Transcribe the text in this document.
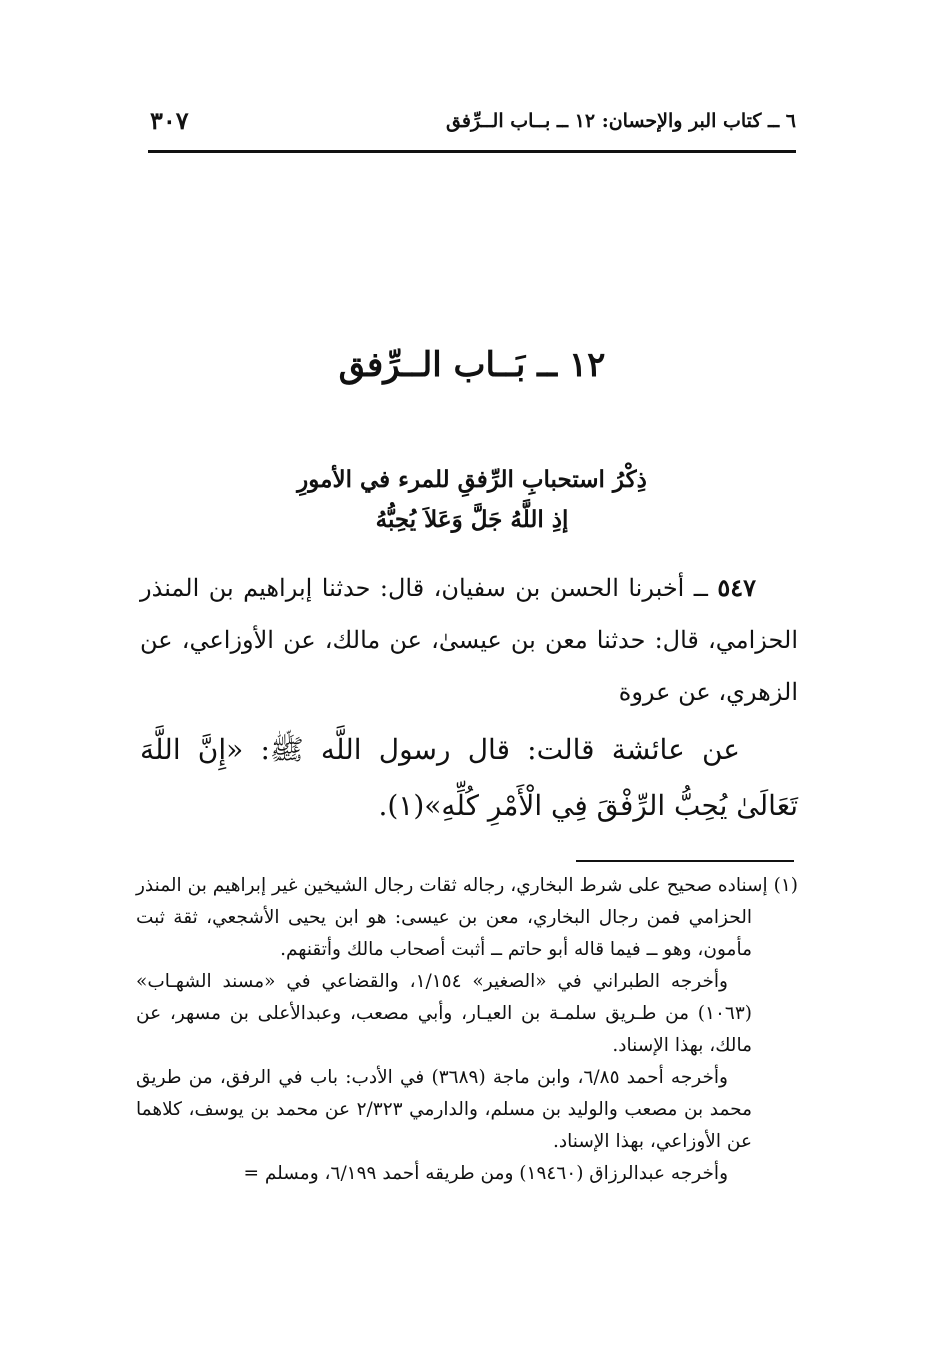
٦ ــ كتاب البر والإحسان: ١٢ ــ بــاب الــرِّفق
٣٠٧
١٢ ــ بَــاب الــرِّفق
ذِكْرُ استحبابِ الرِّفقِ للمرء في الأمورِ
إذِ اللَّهُ جَلَّ وَعَلاَ يُحِبُّهُ

٥٤٧ ــ أخبرنا الحسن بن سفيان، قال: حدثنا إبراهيم بن المنذر الحزامي، قال: حدثنا معن بن عيسىٰ، عن مالك، عن الأوزاعي، عن الزهري، عن عروة

عن عائشة قالت: قال رسول اللَّه ﷺ: «إِنَّ اللَّهَ تَعَالَىٰ يُحِبُّ الرِّفْقَ فِي الْأَمْرِ كُلِّهِ»(١).

(١) إسناده صحيح على شرط البخاري، رجاله ثقات رجال الشيخين غير إبراهيم بن المنذر الحزامي فمن رجال البخاري، معن بن عيسى: هو ابن يحيى الأشجعي، ثقة ثبت مأمون، وهو ــ فيما قاله أبو حاتم ــ أثبت أصحاب مالك وأتقنهم.

وأخرجه الطبراني في «الصغير» ١/١٥٤، والقضاعي في «مسند الشهـاب» (١٠٦٣) من طـريق سلمـة بن العيـار، وأبي مصعب، وعبدالأعلى بن مسهر، عن مالك، بهذا الإسناد.

وأخرجه أحمد ٦/٨٥، وابن ماجة (٣٦٨٩) في الأدب: باب في الرفق، من طريق محمد بن مصعب والوليد بن مسلم، والدارمي ٢/٣٢٣ عن محمد بن يوسف، كلاهما عن الأوزاعي، بهذا الإسناد.

وأخرجه عبدالرزاق (١٩٤٦٠) ومن طريقه أحمد ٦/١٩٩، ومسلم =
